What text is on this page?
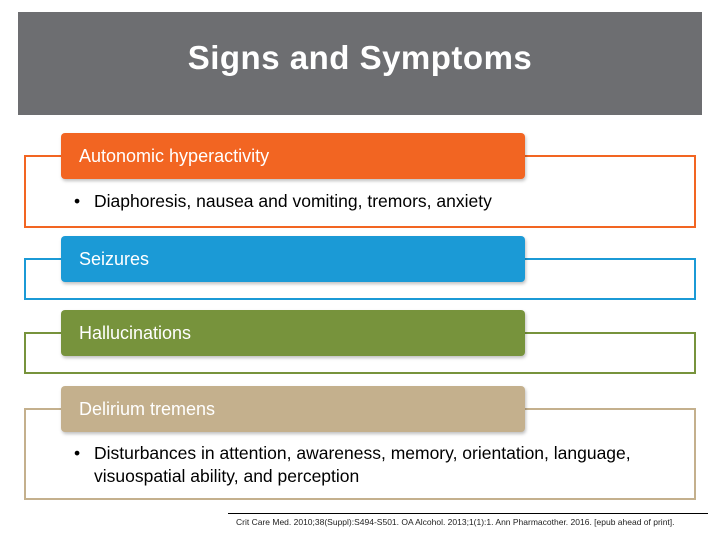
Signs and Symptoms
Autonomic hyperactivity
• Diaphoresis, nausea and vomiting, tremors, anxiety
Seizures
Hallucinations
Delirium tremens
• Disturbances in attention, awareness, memory, orientation, language, visuospatial ability, and perception
Crit Care Med. 2010;38(Suppl):S494-S501. OA Alcohol. 2013;1(1):1. Ann Pharmacother. 2016. [epub ahead of print].
